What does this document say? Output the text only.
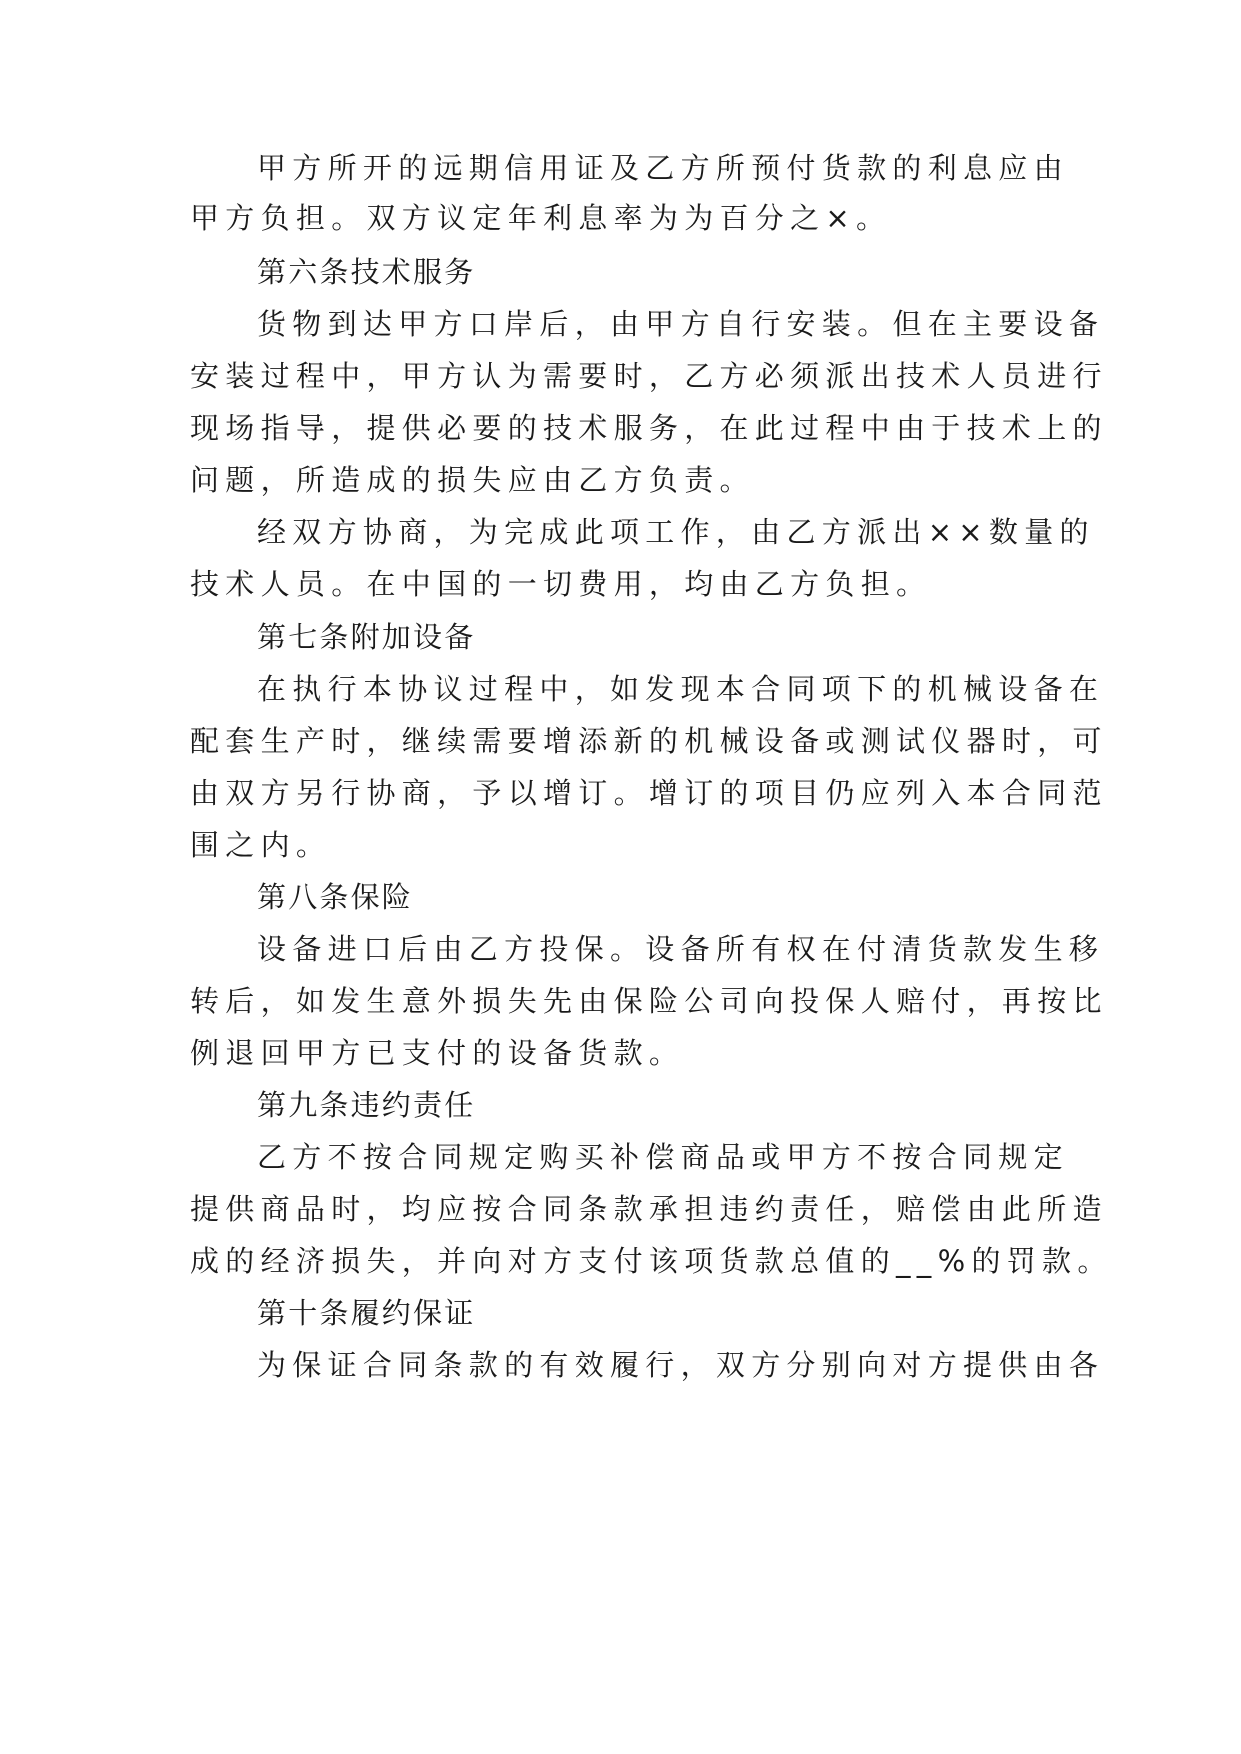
甲方所开的远期信用证及乙方所预付货款的利息应由
甲方负担。双方议定年利息率为为百分之×。
第六条技术服务
货物到达甲方口岸后，由甲方自行安装。但在主要设备
安装过程中，甲方认为需要时，乙方必须派出技术人员进行
现场指导，提供必要的技术服务，在此过程中由于技术上的
问题，所造成的损失应由乙方负责。
经双方协商，为完成此项工作，由乙方派出××数量的
技术人员。在中国的一切费用，均由乙方负担。
第七条附加设备
在执行本协议过程中，如发现本合同项下的机械设备在
配套生产时，继续需要增添新的机械设备或测试仪器时，可
由双方另行协商，予以增订。增订的项目仍应列入本合同范
围之内。
第八条保险
设备进口后由乙方投保。设备所有权在付清货款发生移
转后，如发生意外损失先由保险公司向投保人赔付，再按比
例退回甲方已支付的设备货款。
第九条违约责任
乙方不按合同规定购买补偿商品或甲方不按合同规定
提供商品时，均应按合同条款承担违约责任，赔偿由此所造
成的经济损失，并向对方支付该项货款总值的__%的罚款。
第十条履约保证
为保证合同条款的有效履行，双方分别向对方提供由各
